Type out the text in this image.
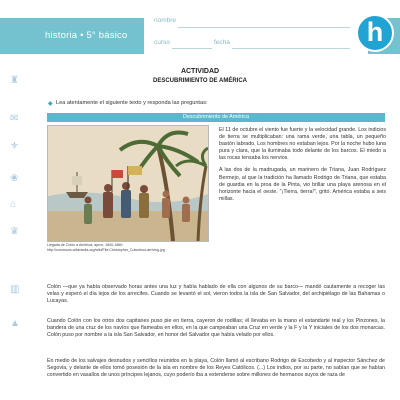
historia • 5° básico
nombre
curso	fecha	h
♜
✉
⚜
❀
⌂
♛
▥
▲
ACTIVIDAD
DESCUBRIMIENTO DE AMÉRICA
◆ Lea atentamente el siguiente texto y responda las preguntas:
Descubrimiento de América
Llegada de Colón a América, aprox. 1840-1860.
http://commons.wikimedia.org/wiki/File:Christopher_Columbus-arriving.jpg

El 11 de octubre el viento fue fuerte y la velocidad grande. Los indicios de tierra se multiplicaban: una rama verde, una tabla, un pequeño bastón labrado. Los hombres no estaban lejos. Por la noche hubo luna pura y clara, que la iluminaba todo delante de los barcos. El miedo a las rocas tensaba los nervios.

A las dos de la madrugada, un marinero de Triana, Juan Rodríguez Bermejo, al que la tradición ha llamado Rodrigo de Triana, que estaba de guardia en la proa de la Pinta, vio brillar una playa arenosa en el horizonte hacia el oeste. "¡Tierra, tierra!", gritó. América estaba a seis millas.

Colón —que ya había observado horas antes una luz y había hablado de ella con algunos de su barco— mandó cautamente a recoger las velas y esperó el día lejos de los arrecifes. Cuando se levantó el sol, vieron todos la isla de San Salvador, del archipiélago de las Bahamas o Lucayas.

Cuando Colón con los otros dos capitanes puso pie en tierra, cayeron de rodillas; él llevaba en la mano el estandarte real y los Pinzones, la bandera de una cruz de los navíos que flameaba en ellos, en la que campeaban una Cruz en verde y la F y la Y iniciales de los dos monarcas. Colón puso por nombre a la isla San Salvador, en honor del Salvador que había velado por ellos.

En medio de los salvajes desnudos y sencillos reunidos en la playa, Colón llamó al escribano Rodrigo de Escobedo y al inspector Sánchez de Segovia, y delante de ellos tomó posesión de la isla en nombre de los Reyes Católicos. (...) Los indios, por su parte, no sabían que se habían convertido en vasallos de unos príncipes lejanos, cuyo poderío iba a extenderse sobre millones de hermanos suyos de raza de
